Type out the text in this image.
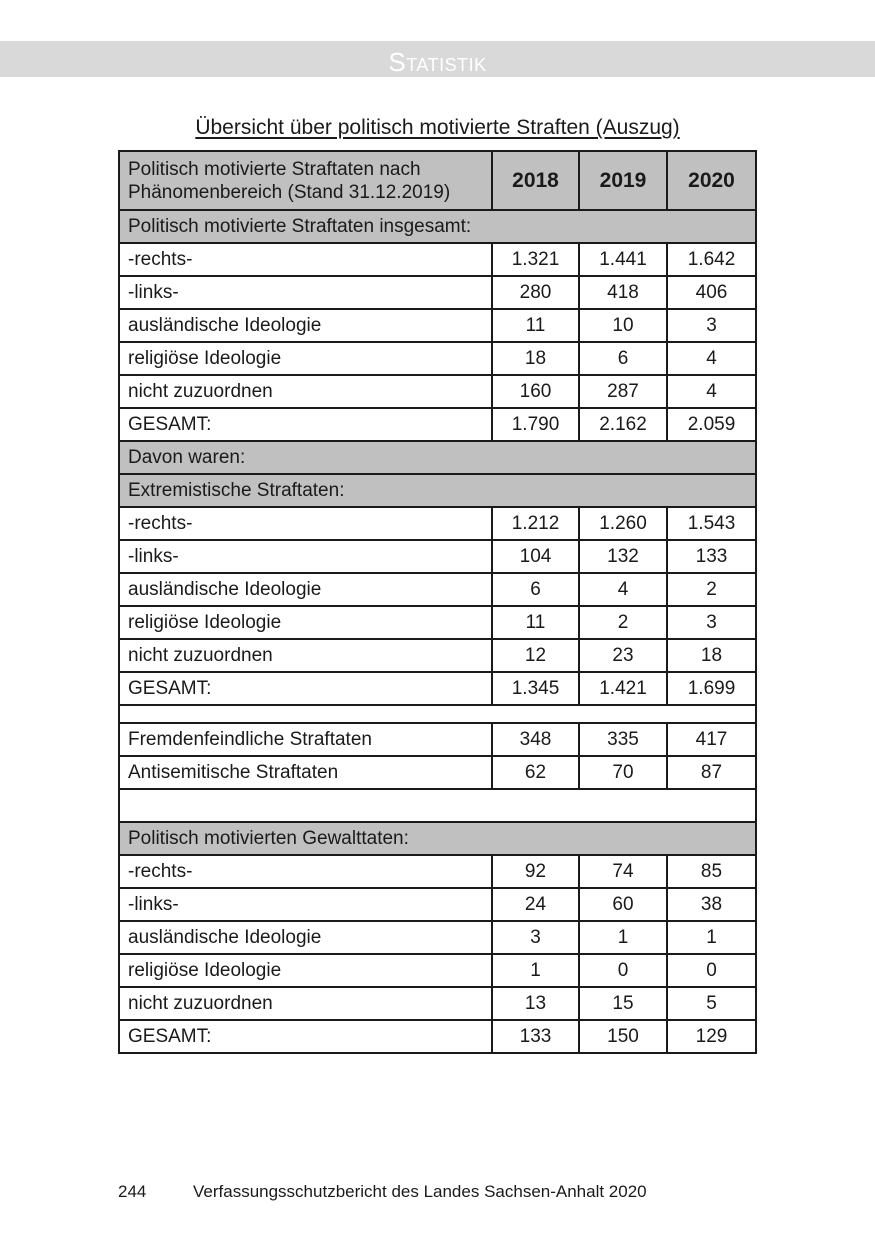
Statistik
Übersicht über politisch motivierte Straften (Auszug)
Politisch motivierte Straftaten nach Phänomenbereich (Stand 31.12.2019)	2018	2019	2020
Politisch motivierte Straftaten insgesamt:			
-rechts-	1.321	1.441	1.642
-links-	280	418	406
ausländische Ideologie	11	10	3
religiöse Ideologie	18	6	4
nicht zuzuordnen	160	287	4
GESAMT:	1.790	2.162	2.059
Davon waren:			
Extremistische Straftaten:			
-rechts-	1.212	1.260	1.543
-links-	104	132	133
ausländische Ideologie	6	4	2
religiöse Ideologie	11	2	3
nicht zuzuordnen	12	23	18
GESAMT:	1.345	1.421	1.699

Fremdenfeindliche Straftaten	348	335	417
Antisemitische Straftaten	62	70	87

Politisch motivierten Gewalttaten:			
-rechts-	92	74	85
-links-	24	60	38
ausländische Ideologie	3	1	1
religiöse Ideologie	1	0	0
nicht zuzuordnen	13	15	5
GESAMT:	133	150	129
244	Verfassungsschutzbericht des Landes Sachsen-Anhalt 2020
